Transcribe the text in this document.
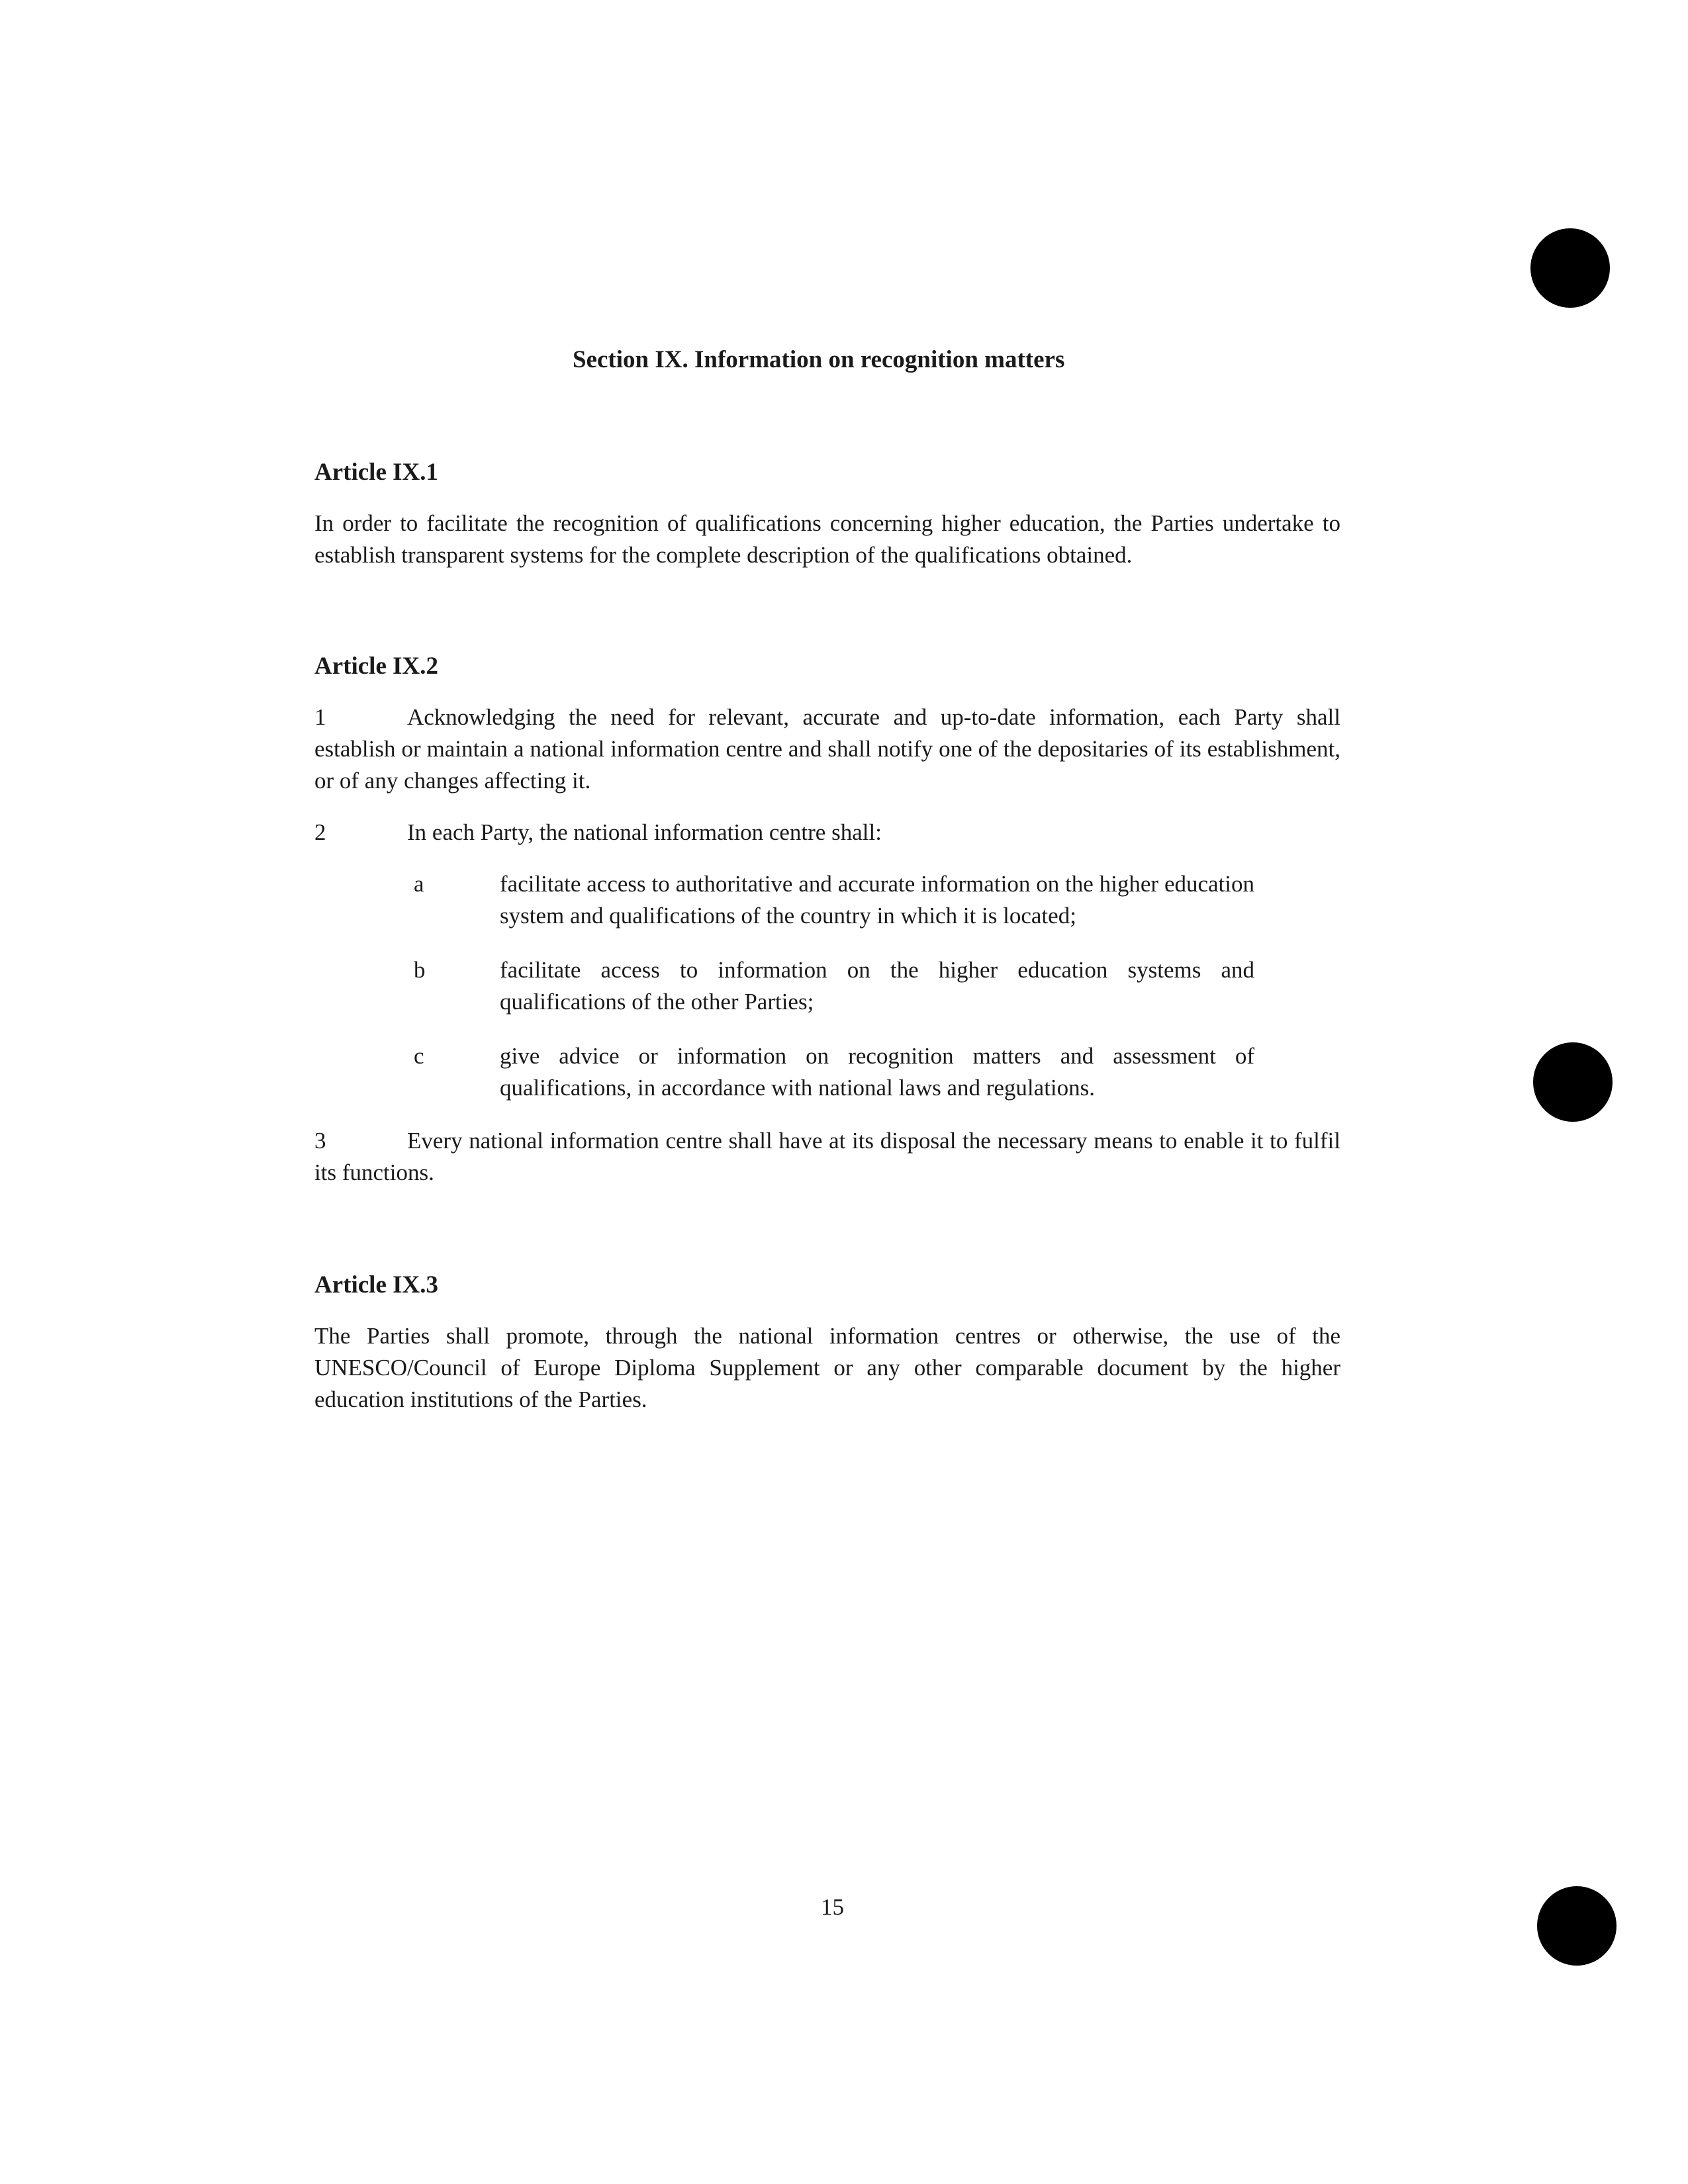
Section IX. Information on recognition matters

Article IX.1

In order to facilitate the recognition of qualifications concerning higher education, the Parties undertake to establish transparent systems for the complete description of the qualifications obtained.

Article IX.2

1	Acknowledging the need for relevant, accurate and up-to-date information, each Party shall establish or maintain a national information centre and shall notify one of the depositaries of its establishment, or of any changes affecting it.

2	In each Party, the national information centre shall:

a	facilitate access to authoritative and accurate information on the higher education system and qualifications of the country in which it is located;
b	facilitate access to information on the higher education systems and qualifications of the other Parties;
c	give advice or information on recognition matters and assessment of qualifications, in accordance with national laws and regulations.

3	Every national information centre shall have at its disposal the necessary means to enable it to fulfil its functions.

Article IX.3

The Parties shall promote, through the national information centres or otherwise, the use of the UNESCO/Council of Europe Diploma Supplement or any other comparable document by the higher education institutions of the Parties.

15
